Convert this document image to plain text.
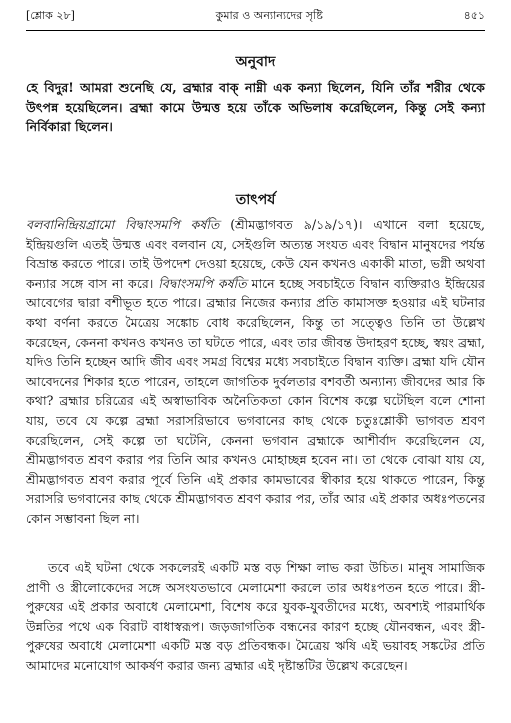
[শ্লোক ২৮]	কুমার ও অন্যান্যদের সৃষ্টি	৪৫১
অনুবাদ

হে বিদুর! আমরা শুনেছি যে, ব্রহ্মার বাক্ নাম্নী এক কন্যা ছিলেন, যিনি তাঁর শরীর থেকে উৎপন্ন হয়েছিলেন। ব্রহ্মা কামে উন্মত্ত হয়ে তাঁকে অভিলাষ করেছিলেন, কিন্তু সেই কন্যা নির্বিকারা ছিলেন।

তাৎপর্য

বলবানিন্দ্রিয়গ্রামো বিদ্বাংসমপি কর্ষতি (শ্রীমদ্ভাগবত ৯/১৯/১৭)। এখানে বলা হয়েছে, ইন্দ্রিয়গুলি এতই উন্মত্ত এবং বলবান যে, সেইগুলি অত্যন্ত সংযত এবং বিদ্বান মানুষদের পর্যন্ত বিভ্রান্ত করতে পারে। তাই উপদেশ দেওয়া হয়েছে, কেউ যেন কখনও একাকী মাতা, ভগ্নী অথবা কন্যার সঙ্গে বাস না করে। বিদ্বাংসমপি কর্ষতি মানে হচ্ছে সবচাইতে বিদ্বান ব্যক্তিরাও ইন্দ্রিয়ের আবেগের দ্বারা বশীভূত হতে পারে। ব্রহ্মার নিজের কন্যার প্রতি কামাসক্ত হওয়ার এই ঘটনার কথা বর্ণনা করতে মৈত্রেয় সঙ্কোচ বোধ করেছিলেন, কিন্তু তা সত্ত্বেও তিনি তা উল্লেখ করেছেন, কেননা কখনও কখনও তা ঘটতে পারে, এবং তার জীবন্ত উদাহরণ হচ্ছে, স্বয়ং ব্রহ্মা, যদিও তিনি হচ্ছেন আদি জীব এবং সমগ্র বিশ্বের মধ্যে সবচাইতে বিদ্বান ব্যক্তি। ব্রহ্মা যদি যৌন আবেদনের শিকার হতে পারেন, তাহলে জাগতিক দুর্বলতার বশবর্তী অন্যান্য জীবদের আর কি কথা? ব্রহ্মার চরিত্রের এই অস্বাভাবিক অনৈতিকতা কোন বিশেষ কল্পে ঘটেছিল বলে শোনা যায়, তবে যে কল্পে ব্রহ্মা সরাসরিভাবে ভগবানের কাছ থেকে চতুঃশ্লোকী ভাগবত শ্রবণ করেছিলেন, সেই কল্পে তা ঘটেনি, কেননা ভগবান ব্রহ্মাকে আশীর্বাদ করেছিলেন যে, শ্রীমদ্ভাগবত শ্রবণ করার পর তিনি আর কখনও মোহাচ্ছন্ন হবেন না। তা থেকে বোঝা যায় যে, শ্রীমদ্ভাগবত শ্রবণ করার পূর্বে তিনি এই প্রকার কামভাবের স্বীকার হয়ে থাকতে পারেন, কিন্তু সরাসরি ভগবানের কাছ থেকে শ্রীমদ্ভাগবত শ্রবণ করার পর, তাঁর আর এই প্রকার অধঃপতনের কোন সম্ভাবনা ছিল না।

তবে এই ঘটনা থেকে সকলেরই একটি মস্ত বড় শিক্ষা লাভ করা উচিত। মানুষ সামাজিক প্রাণী ও স্ত্রীলোকেদের সঙ্গে অসংযতভাবে মেলামেশা করলে তার অধঃপতন হতে পারে। স্ত্রী-পুরুষের এই প্রকার অবাধে মেলামেশা, বিশেষ করে যুবক-যুবতীদের মধ্যে, অবশ্যই পারমার্থিক উন্নতির পথে এক বিরাট বাধাস্বরূপ। জড়জাগতিক বন্ধনের কারণ হচ্ছে যৌনবন্ধন, এবং স্ত্রী-পুরুষের অবাধে মেলামেশা একটি মস্ত বড় প্রতিবন্ধক। মৈত্রেয় ঋষি এই ভয়াবহ সঙ্কটের প্রতি আমাদের মনোযোগ আকর্ষণ করার জন্য ব্রহ্মার এই দৃষ্টান্তটির উল্লেখ করেছেন।
